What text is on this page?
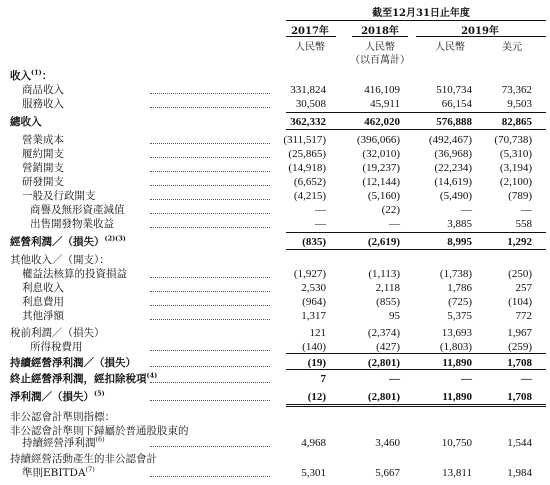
截至12月31日止年度
2017年	2018年	2019年
人民幣	人民幣	人民幣	美元
（以百萬計）
收入$^{(1)}$：
商品收入	331,824	416,109	510,734	73,362
服務收入	30,508	45,911	66,154	9,503
總收入	362,332	462,020	576,888	82,865
營業成本	(311,517)	(396,066)	(492,467)	(70,738)
履約開支	(25,865)	(32,010)	(36,968)	(5,310)
營銷開支	(14,918)	(19,237)	(22,234)	(3,194)
研發開支	(6,652)	(12,144)	(14,619)	(2,100)
一般及行政開支	(4,215)	(5,160)	(5,490)	(789)
商譽及無形資產減值	—	(22)	—	—
出售開發物業收益	—	—	3,885	558
經營利潤／（損失）$^{(2)(3)}$	(835)	(2,619)	8,995	1,292
其他收入／（開支）：
權益法核算的投資損益	(1,927)	(1,113)	(1,738)	(250)
利息收入	2,530	2,118	1,786	257
利息費用	(964)	(855)	(725)	(104)
其他淨額	1,317	95	5,375	772
稅前利潤／（損失）	121	(2,374)	13,693	1,967
所得稅費用	(140)	(427)	(1,803)	(259)
持續經營淨利潤／（損失）	(19)	(2,801)	11,890	1,708
終止經營淨利潤，經扣除稅項$^{(4)}$	7	—	—	—
淨利潤／（損失）$^{(5)}$	(12)	(2,801)	11,890	1,708
非公認會計準則指標：
非公認會計準則下歸屬於普通股股東的
持續經營淨利潤$^{(6)}$	4,968	3,460	10,750	1,544
持續經營活動產生的非公認會計
準則EBITDA$^{(7)}$	5,301	5,667	13,811	1,984
